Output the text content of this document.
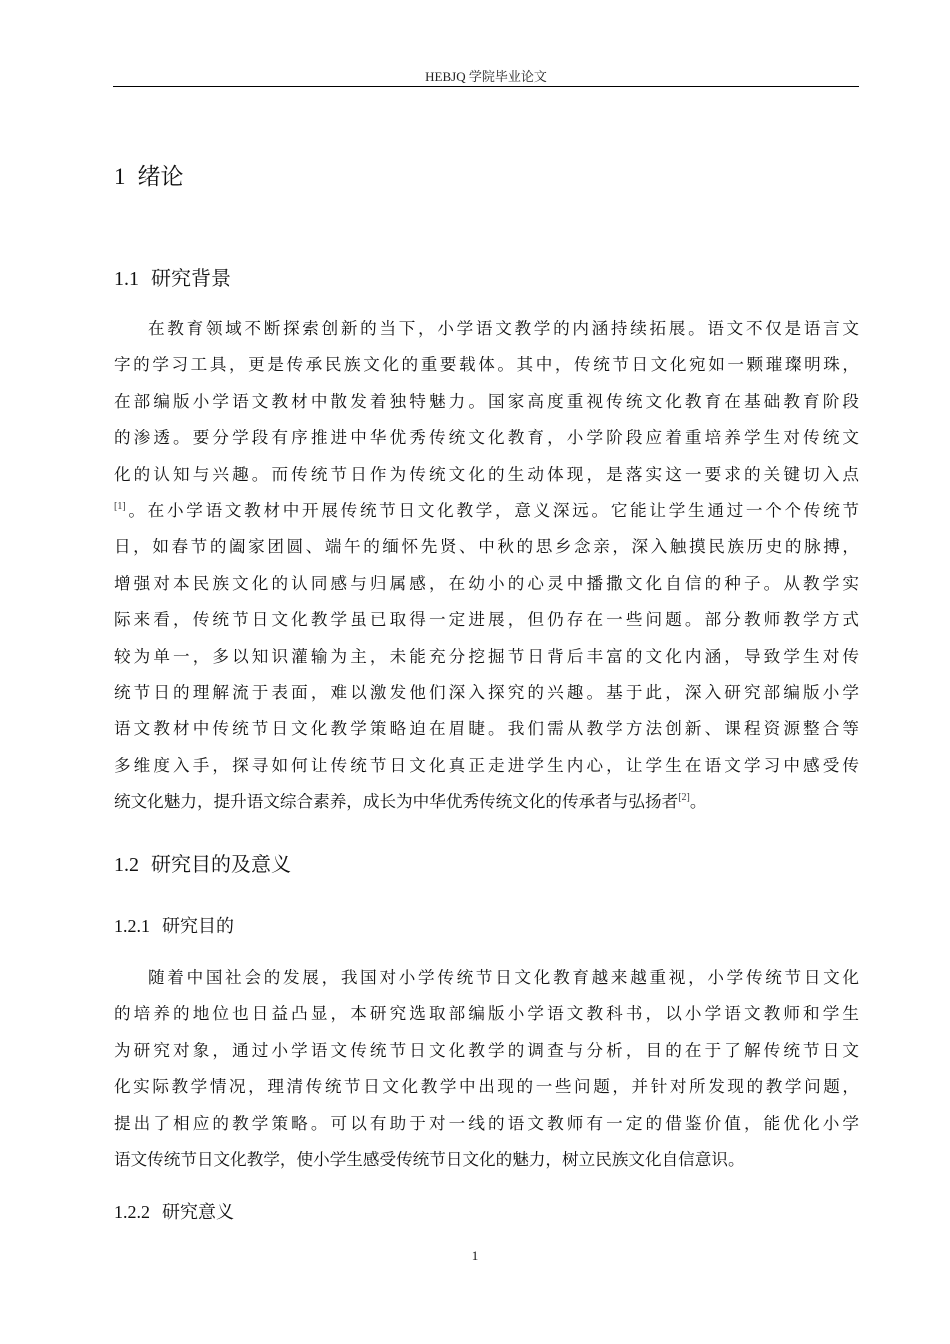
HEBJQ 学院毕业论文
1 绪论
1.1 研究背景
在教育领域不断探索创新的当下，小学语文教学的内涵持续拓展。语文不仅是语言文
字的学习工具，更是传承民族文化的重要载体。其中，传统节日文化宛如一颗璀璨明珠，
在部编版小学语文教材中散发着独特魅力。国家高度重视传统文化教育在基础教育阶段
的渗透。要分学段有序推进中华优秀传统文化教育，小学阶段应着重培养学生对传统文
化的认知与兴趣。而传统节日作为传统文化的生动体现，是落实这一要求的关键切入点
[1]。在小学语文教材中开展传统节日文化教学，意义深远。它能让学生通过一个个传统节
日，如春节的阖家团圆、端午的缅怀先贤、中秋的思乡念亲，深入触摸民族历史的脉搏，
增强对本民族文化的认同感与归属感，在幼小的心灵中播撒文化自信的种子。从教学实
际来看，传统节日文化教学虽已取得一定进展，但仍存在一些问题。部分教师教学方式
较为单一，多以知识灌输为主，未能充分挖掘节日背后丰富的文化内涵，导致学生对传
统节日的理解流于表面，难以激发他们深入探究的兴趣。基于此，深入研究部编版小学
语文教材中传统节日文化教学策略迫在眉睫。我们需从教学方法创新、课程资源整合等
多维度入手，探寻如何让传统节日文化真正走进学生内心，让学生在语文学习中感受传
统文化魅力，提升语文综合素养，成长为中华优秀传统文化的传承者与弘扬者[2]。
1.2 研究目的及意义
1.2.1 研究目的
随着中国社会的发展，我国对小学传统节日文化教育越来越重视，小学传统节日文化
的培养的地位也日益凸显，本研究选取部编版小学语文教科书，以小学语文教师和学生
为研究对象，通过小学语文传统节日文化教学的调查与分析，目的在于了解传统节日文
化实际教学情况，理清传统节日文化教学中出现的一些问题，并针对所发现的教学问题，
提出了相应的教学策略。可以有助于对一线的语文教师有一定的借鉴价值，能优化小学
语文传统节日文化教学，使小学生感受传统节日文化的魅力，树立民族文化自信意识。
1.2.2 研究意义
1
